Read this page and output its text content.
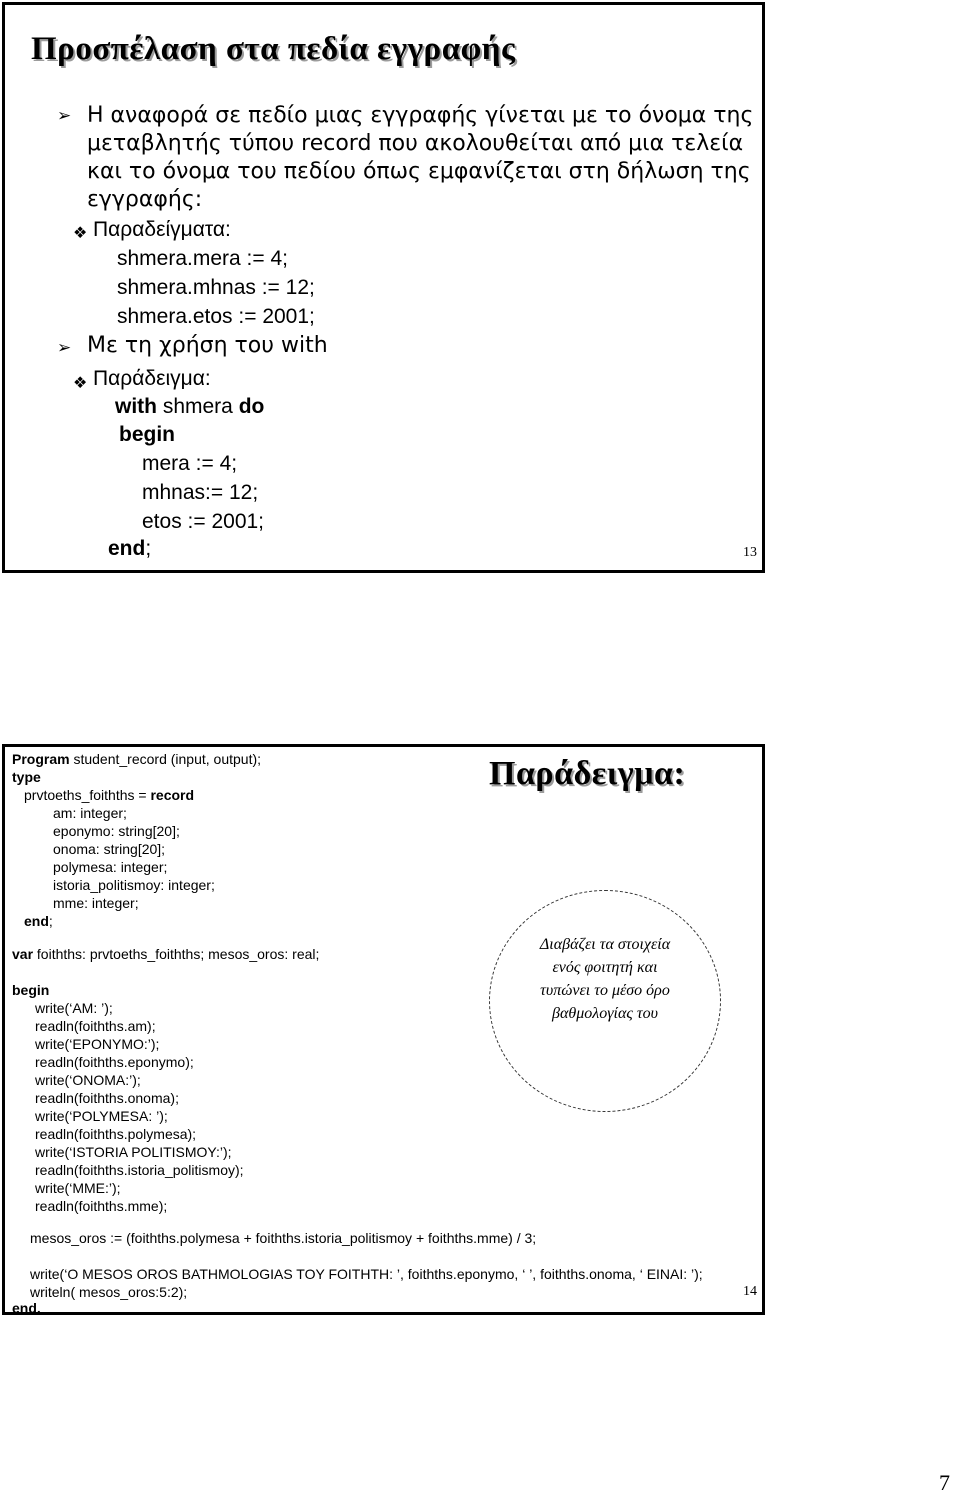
Προσπέλαση στα πεδία εγγραφής
➢ Η αναφορά σε πεδίο μιας εγγραφής γίνεται με το όνομα της
μεταβλητής τύπου record που ακολουθείται από μια τελεία
και το όνομα του πεδίου όπως εμφανίζεται στη δήλωση της
εγγραφής:
❖ Παραδείγματα:
shmera.mera := 4;
shmera.mhnas := 12;
shmera.etos := 2001;
➢ Με τη χρήση του with
❖ Παράδειγμα:
with shmera do
begin
mera := 4;
mhnas:= 12;
etos := 2001;
end;	13
Παράδειγμα:
Program student_record (input, output);
type
prvtoeths_foithths = record
am: integer;
eponymo: string[20];
onoma: string[20];
polymesa: integer;
istoria_politismoy: integer;
mme: integer;
end;
var foithths: prvtoeths_foithths; mesos_oros: real;
begin
write(‘AM: ’);
readln(foithths.am);
write(‘EPONYMO:’);
readln(foithths.eponymo);
write(‘ONOMA:’);
readln(foithths.onoma);
write(‘POLYMESA: ’);
readln(foithths.polymesa);
write(‘ISTORIA POLITISMOY:’);
readln(foithths.istoria_politismoy);
write(‘MME:’);
readln(foithths.mme);
mesos_oros := (foithths.polymesa + foithths.istoria_politismoy + foithths.mme) / 3;
write(‘O MESOS OROS BATHMOLOGIAS TOY FOITHTH: ’, foithths.eponymo, ‘ ’, foithths.onoma, ‘ EINAI: ’);
writeln( mesos_oros:5:2);
end.
Διαβάζει τα στοιχεία
ενός φοιτητή και
τυπώνει το μέσο όρο
βαθμολογίας του
14
7
